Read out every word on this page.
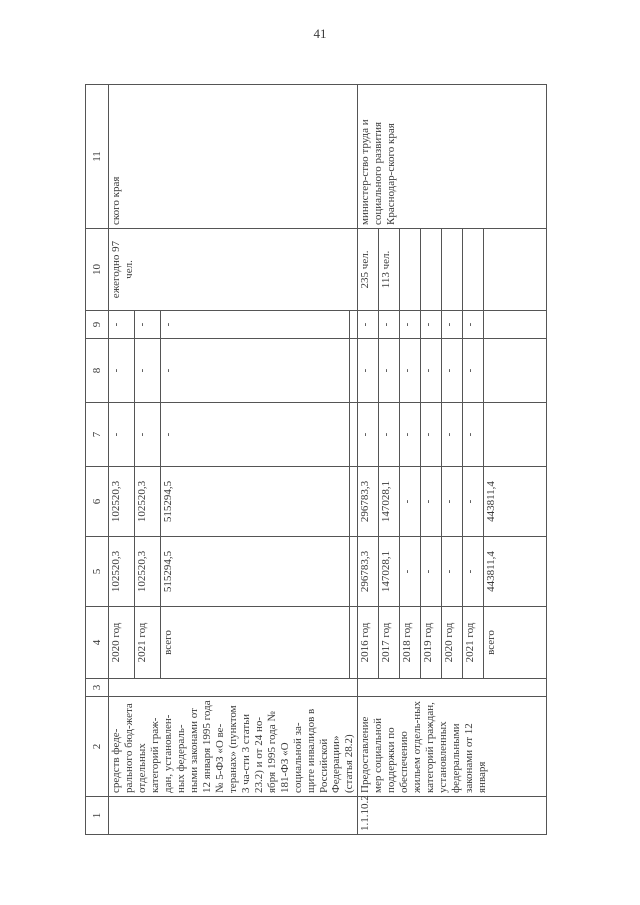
41
1	2	3	4	5	6	7	8	9	10	11
	средств феде-ральногo бюд-жета отдельных категорий граж-дан, установлен-ных федераль-ными законами от 12 января 1995 года № 5-ФЗ «О ве-теранах» (пунктом 3 ча-сти 3 статьи 23.2) и от 24 но-ября 1995 года № 181-ФЗ «О социальной за-щите инвалидов в Российской Федерации» (статья 28.2)		2020 год	102520,3	102520,3	-	-	-	ежегодно 97 чел.	ского края
			2021 год	102520,3	102520,3	-	-	-		
			всего	515294,5	515294,5	-	-	-		

1.1.10.2	Предоставление мер социальной поддержки по обеспечению жильем отдель-ных категорий граждан, установленных федеральными законами от 12 января		2016 год	296783,3	296783,3	-	-	-	235 чел.	министер-ство труда и социального развития Краснодар-ского края
			2017 год	147028,1	147028,1	-	-	-	113 чел.	
			2018 год	-	-	-	-	-		
			2019 год	-	-	-	-	-		
			2020 год	-	-	-	-	-		
			2021 год	-	-	-	-	-		
			всего	443811,4	443811,4					
